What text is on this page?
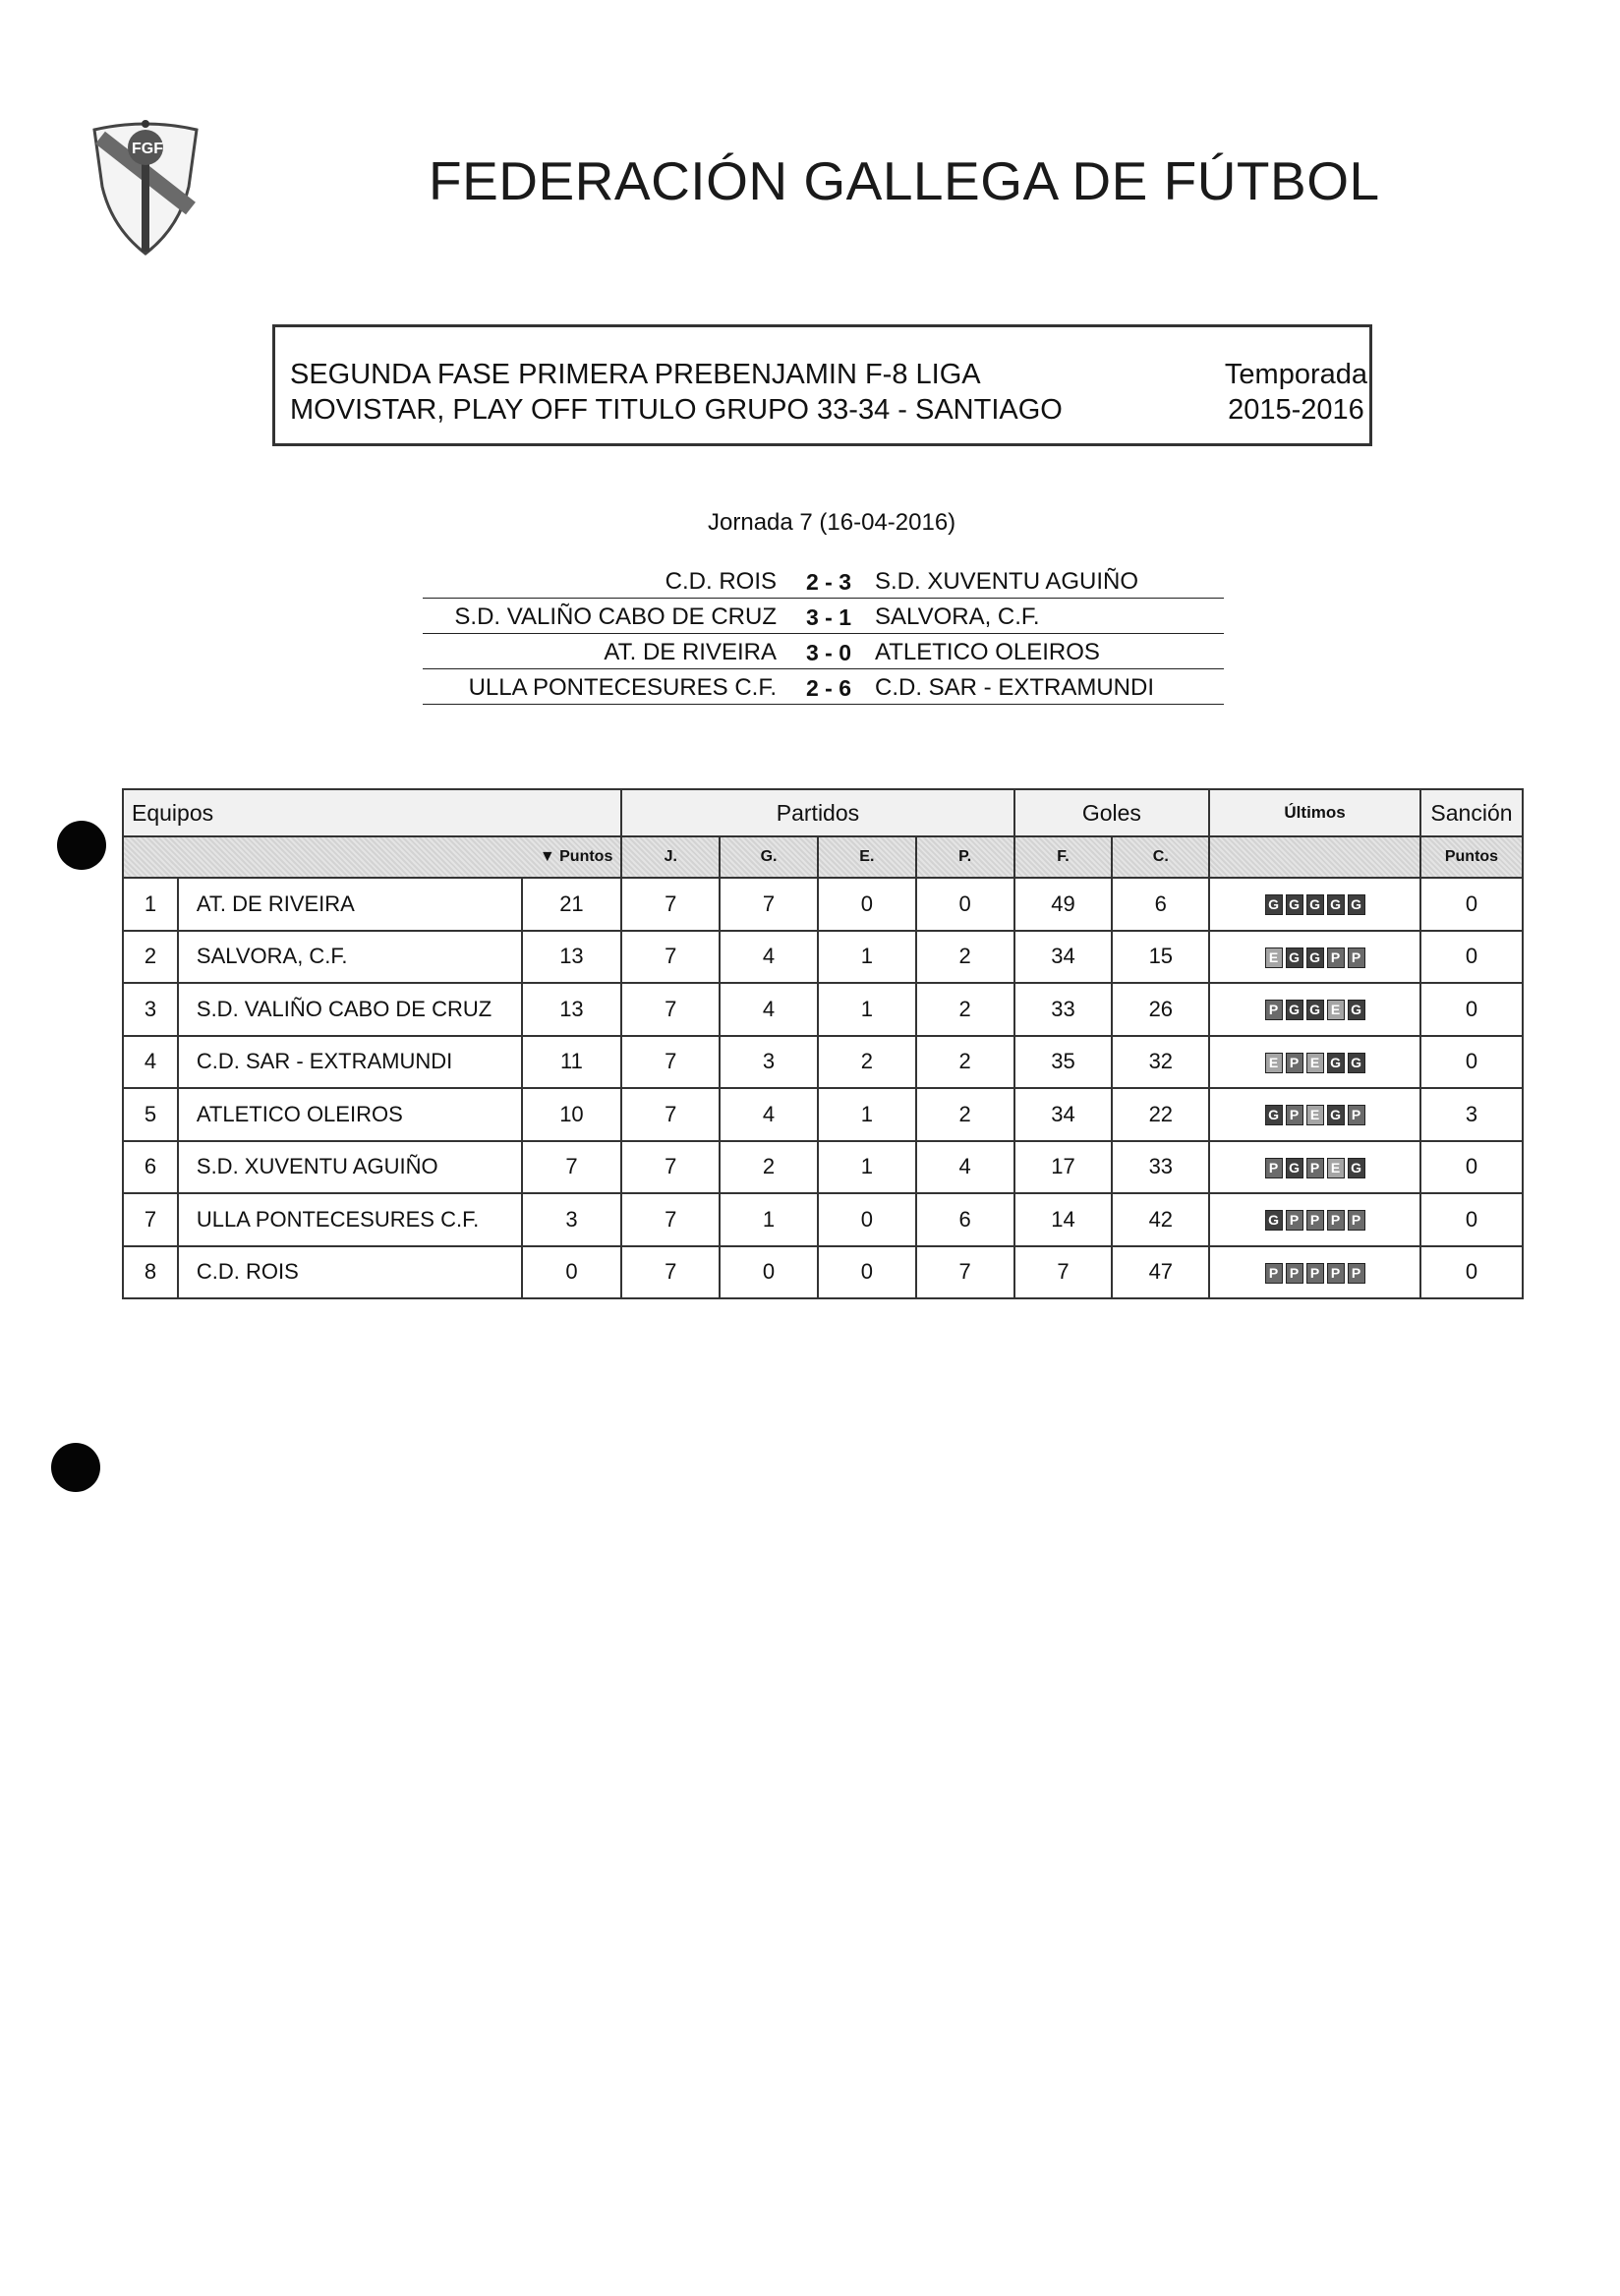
FGF
FEDERACIÓN GALLEGA DE FÚTBOL
SEGUNDA FASE PRIMERA PREBENJAMIN F-8 LIGA
MOVISTAR, PLAY OFF TITULO GRUPO 33-34 - SANTIAGO
Temporada
2015-2016
Jornada 7 (16-04-2016)
C.D. ROIS 2 - 3 S.D. XUVENTU AGUIÑO
S.D. VALIÑO CABO DE CRUZ 3 - 1 SALVORA, C.F.
AT. DE RIVEIRA 3 - 0 ATLETICO OLEIROS
ULLA PONTECESURES C.F. 2 - 6 C.D. SAR - EXTRAMUNDI
Equipos			Partidos				Goles		Últimos	Sanción
▼ Puntos			J.	G.	E.	P.	F.	C.		Puntos
1	AT. DE RIVEIRA	21	7	7	0	0	49	6	G G G G G	0
2	SALVORA, C.F.	13	7	4	1	2	34	15	E G G P P	0
3	S.D. VALIÑO CABO DE CRUZ	13	7	4	1	2	33	26	P G G E G	0
4	C.D. SAR - EXTRAMUNDI	11	7	3	2	2	35	32	E P E G G	0
5	ATLETICO OLEIROS	10	7	4	1	2	34	22	G P E G P	3
6	S.D. XUVENTU AGUIÑO	7	7	2	1	4	17	33	P G P E G	0
7	ULLA PONTECESURES C.F.	3	7	1	0	6	14	42	G P P P P	0
8	C.D. ROIS	0	7	0	0	7	7	47	P P P P P	0
